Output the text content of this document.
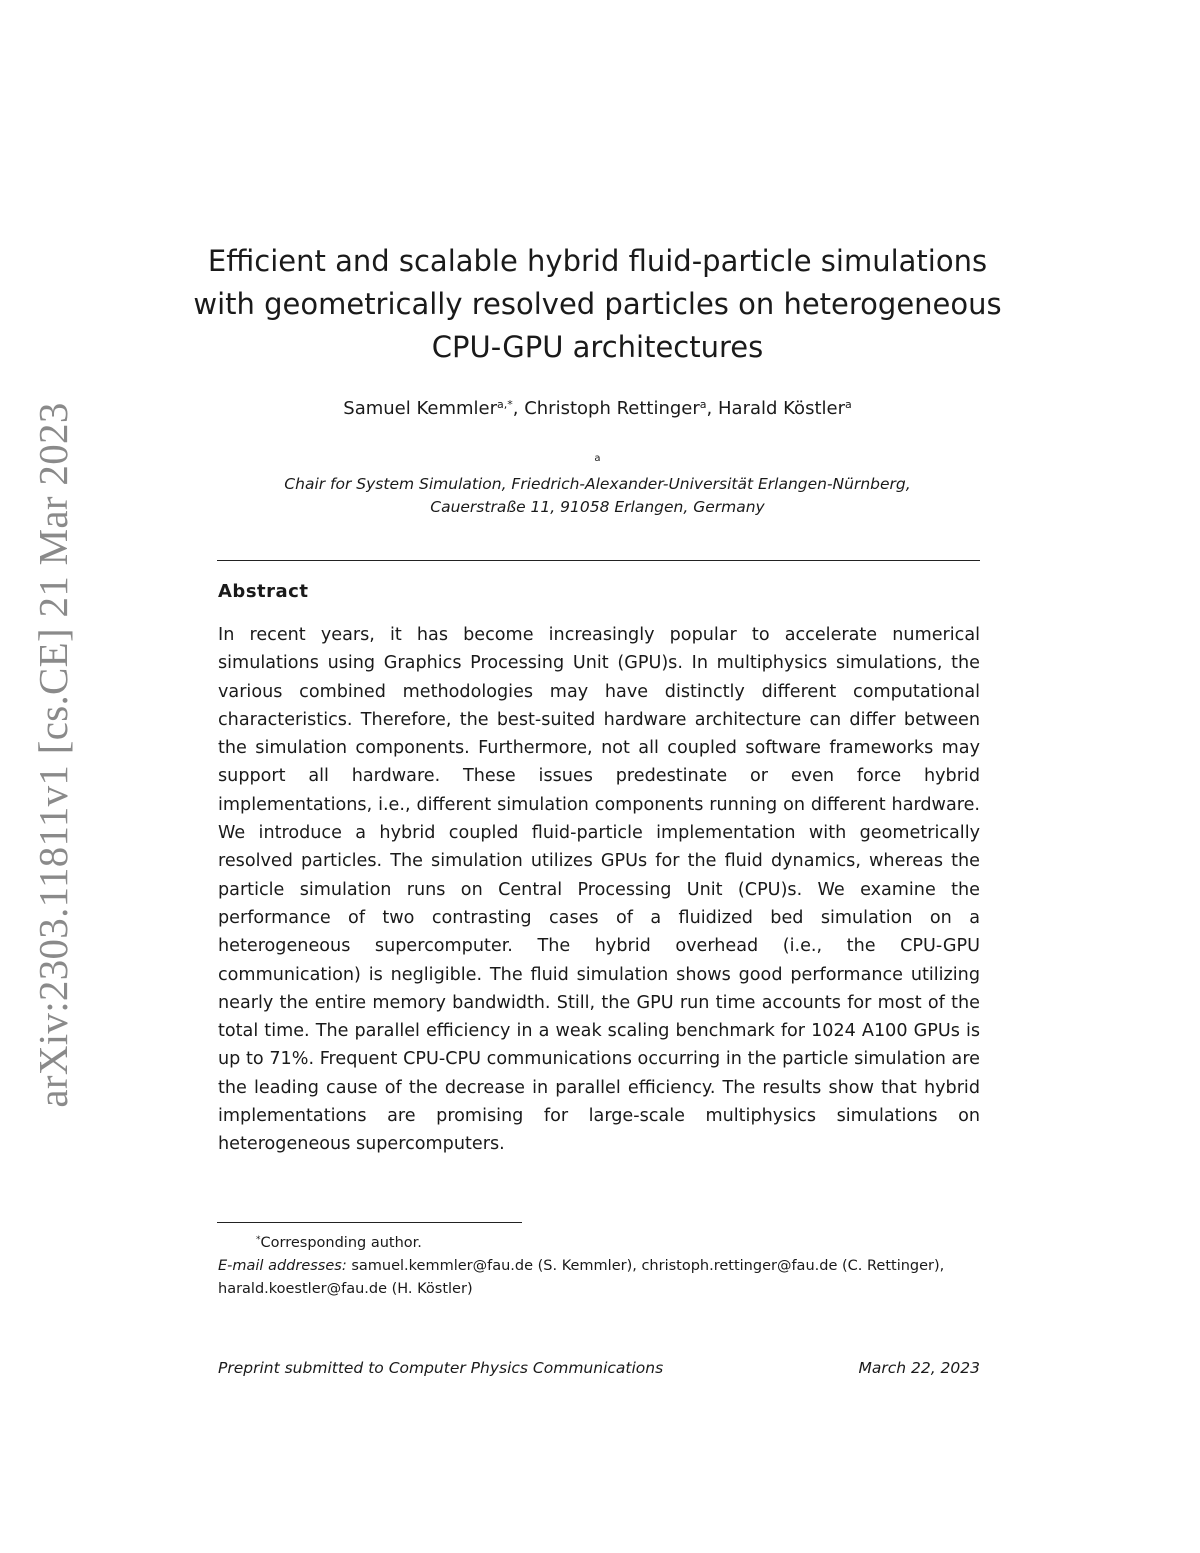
arXiv:2303.11811v1 [cs.CE] 21 Mar 2023
Efficient and scalable hybrid fluid-particle simulations
with geometrically resolved particles on heterogeneous
CPU-GPU architectures
Samuel Kemmler$^{a,*}$, Christoph Rettinger$^a$, Harald Köstler$^a$
$^a$
Chair for System Simulation, Friedrich-Alexander-Universität Erlangen-Nürnberg,
Cauerstraße 11, 91058 Erlangen, Germany
Abstract

In recent years, it has become increasingly popular to accelerate numerical simulations using Graphics Processing Unit (GPU)s. In multiphysics simulations, the various combined methodologies may have distinctly different computational characteristics. Therefore, the best-suited hardware architecture can differ between the simulation components. Furthermore, not all coupled software frameworks may support all hardware. These issues predestinate or even force hybrid implementations, i.e., different simulation components running on different hardware. We introduce a hybrid coupled fluid-particle implementation with geometrically resolved particles. The simulation utilizes GPUs for the fluid dynamics, whereas the particle simulation runs on Central Processing Unit (CPU)s. We examine the performance of two contrasting cases of a fluidized bed simulation on a heterogeneous supercomputer. The hybrid overhead (i.e., the CPU-GPU communication) is negligible. The fluid simulation shows good performance utilizing nearly the entire memory bandwidth. Still, the GPU run time accounts for most of the total time. The parallel efficiency in a weak scaling benchmark for 1024 A100 GPUs is up to 71%. Frequent CPU-CPU communications occurring in the particle simulation are the leading cause of the decrease in parallel efficiency. The results show that hybrid implementations are promising for large-scale multiphysics simulations on heterogeneous supercomputers.

*Corresponding author.

E-mail addresses: samuel.kemmler@fau.de (S. Kemmler), christoph.rettinger@fau.de (C. Rettinger), harald.koestler@fau.de (H. Köstler)

Preprint submitted to Computer Physics Communications	March 22, 2023
